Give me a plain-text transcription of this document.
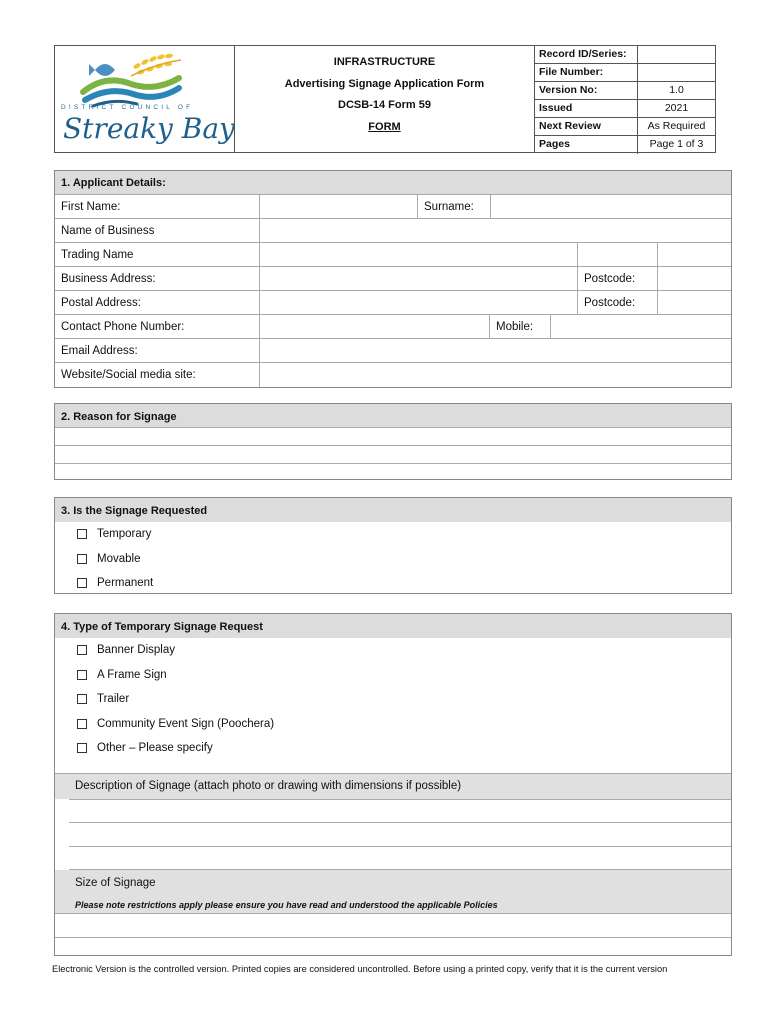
DISTRICT COUNCIL OF
Streaky Bay
INFRASTRUCTURE
Advertising Signage Application Form
DCSB-14 Form 59
FORM
Record ID/Series:
File Number:
Version No:	1.0
Issued	2021
Next Review	As Required
Pages	Page 1 of 3
1. Applicant Details:
First Name:	Surname:
Name of Business
Trading Name
Business Address:	Postcode:
Postal Address:	Postcode:
Contact Phone Number:	Mobile:
Email Address:
Website/Social media site:
2. Reason for Signage
3. Is the Signage Requested
Temporary
Movable
Permanent
4. Type of Temporary Signage Request
Banner Display
A Frame Sign
Trailer
Community Event Sign (Poochera)
Other – Please specify
Description of Signage (attach photo or drawing with dimensions if possible)
Size of Signage
Please note restrictions apply please ensure you have read and understood the applicable Policies
Electronic Version is the controlled version. Printed copies are considered uncontrolled. Before using a printed copy, verify that it is the current version
